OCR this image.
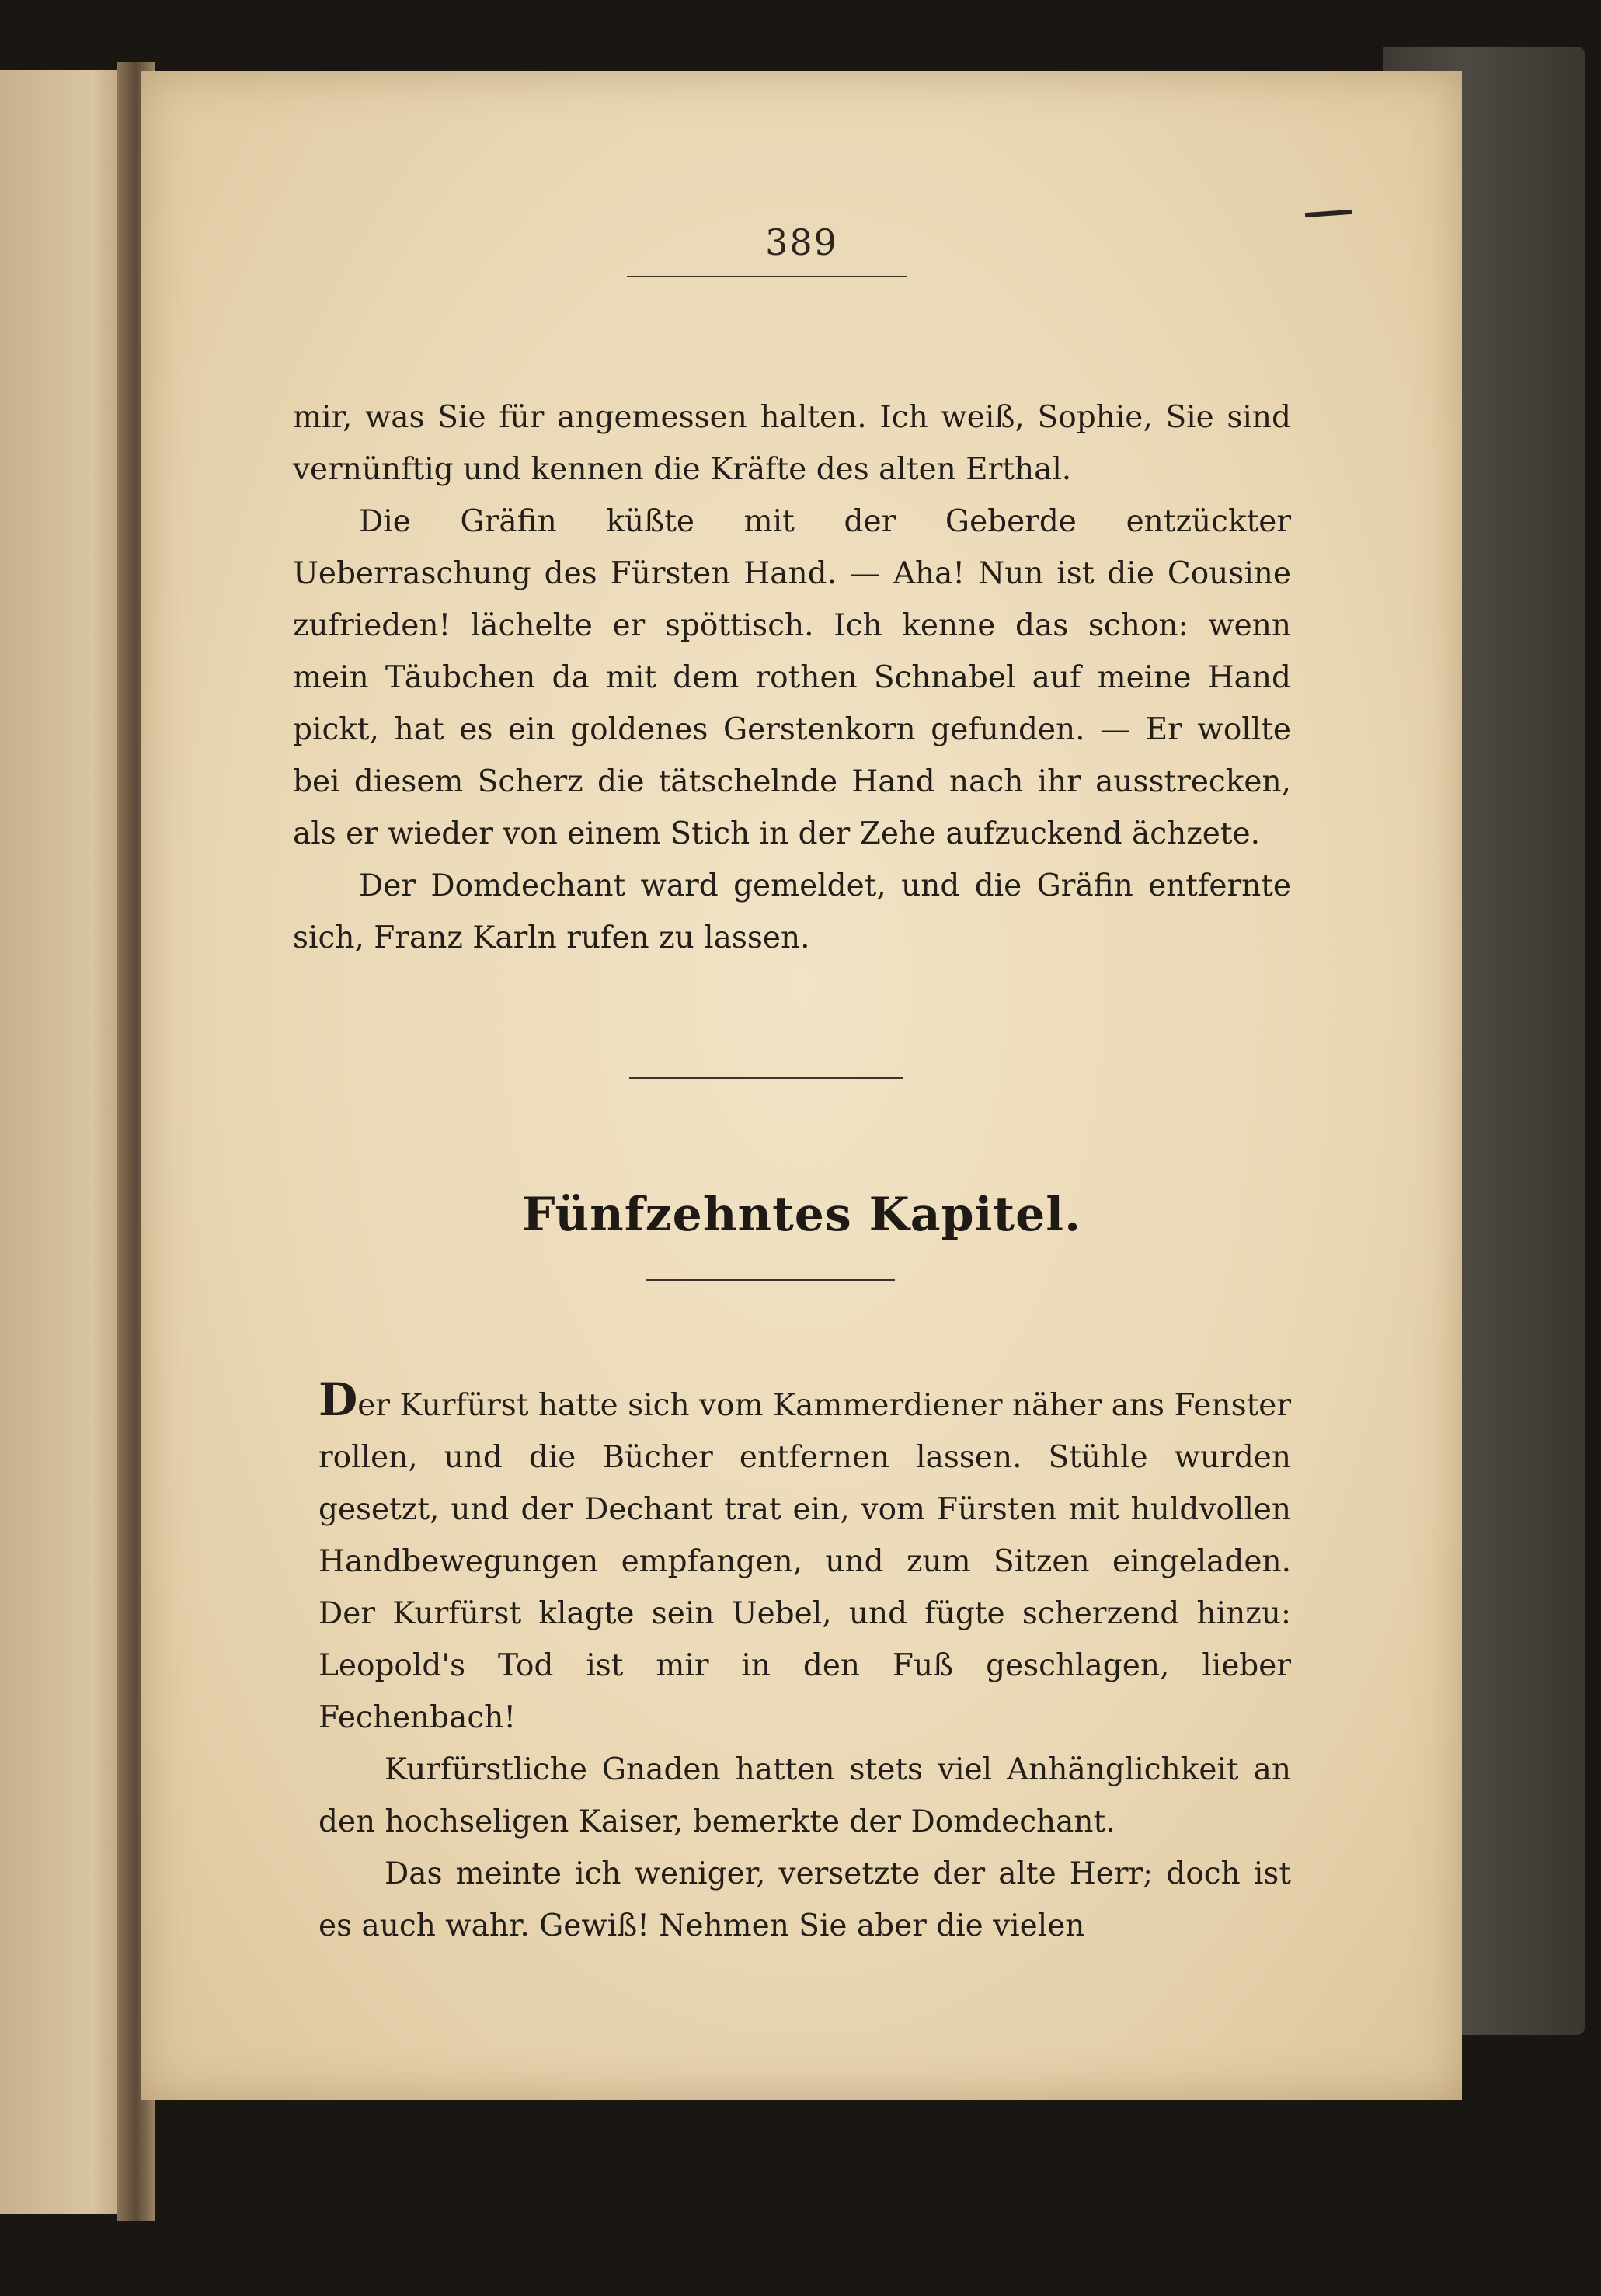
389

mir, was Sie für angemessen halten. Ich weiß, Sophie, Sie sind vernünftig und kennen die Kräfte des alten Erthal.

Die Gräfin küßte mit der Geberde entzückter Ueberraschung des Fürsten Hand. — Aha! Nun ist die Cousine zufrieden! lächelte er spöttisch. Ich kenne das schon: wenn mein Täubchen da mit dem rothen Schnabel auf meine Hand pickt, hat es ein goldenes Gerstenkorn gefunden. — Er wollte bei diesem Scherz die tätschelnde Hand nach ihr ausstrecken, als er wieder von einem Stich in der Zehe aufzuckend ächzete.

Der Domdechant ward gemeldet, und die Gräfin entfernte sich, Franz Karln rufen zu lassen.

Fünfzehntes Kapitel.

Der Kurfürst hatte sich vom Kammerdiener näher ans Fenster rollen, und die Bücher entfernen lassen. Stühle wurden gesetzt, und der Dechant trat ein, vom Fürsten mit huldvollen Handbewegungen empfangen, und zum Sitzen eingeladen. Der Kurfürst klagte sein Uebel, und fügte scherzend hinzu: Leopold's Tod ist mir in den Fuß geschlagen, lieber Fechenbach!

Kurfürstliche Gnaden hatten stets viel Anhänglichkeit an den hochseligen Kaiser, bemerkte der Domdechant.

Das meinte ich weniger, versetzte der alte Herr; doch ist es auch wahr. Gewiß! Nehmen Sie aber die vielen
